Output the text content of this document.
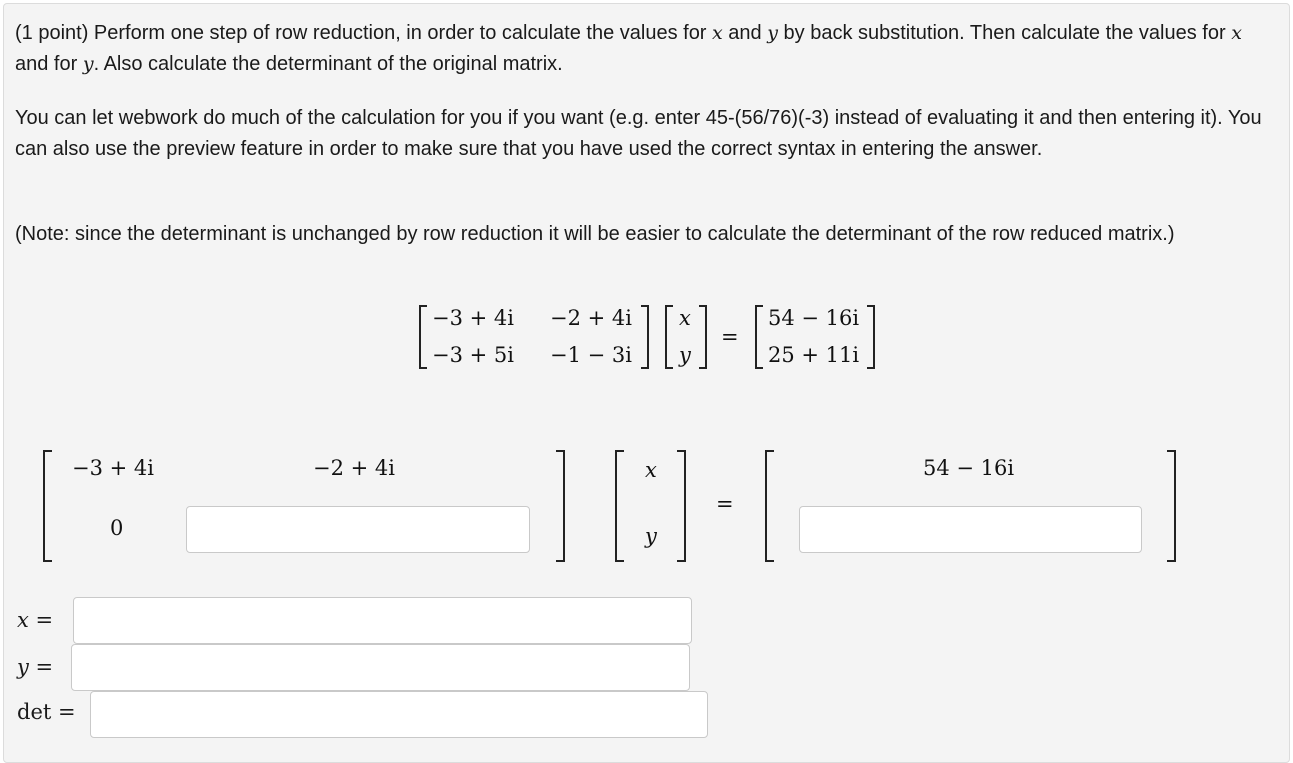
(1 point) Perform one step of row reduction, in order to calculate the values for x and y by back substitution. Then calculate the values for x and for y. Also calculate the determinant of the original matrix.

You can let webwork do much of the calculation for you if you want (e.g. enter 45-(56/76)(-3) instead of evaluating it and then entering it). You can also use the preview feature in order to make sure that you have used the correct syntax in entering the answer.

(Note: since the determinant is unchanged by row reduction it will be easier to calculate the determinant of the row reduced matrix.)

−3 + 4i −2 + 4i
−3 + 5i −1 − 3i
x
y
=
54 − 16i
25 + 11i
−3 + 4i	−2 + 4i
0
x
y
=
54 − 16i
x =
y =
det =
